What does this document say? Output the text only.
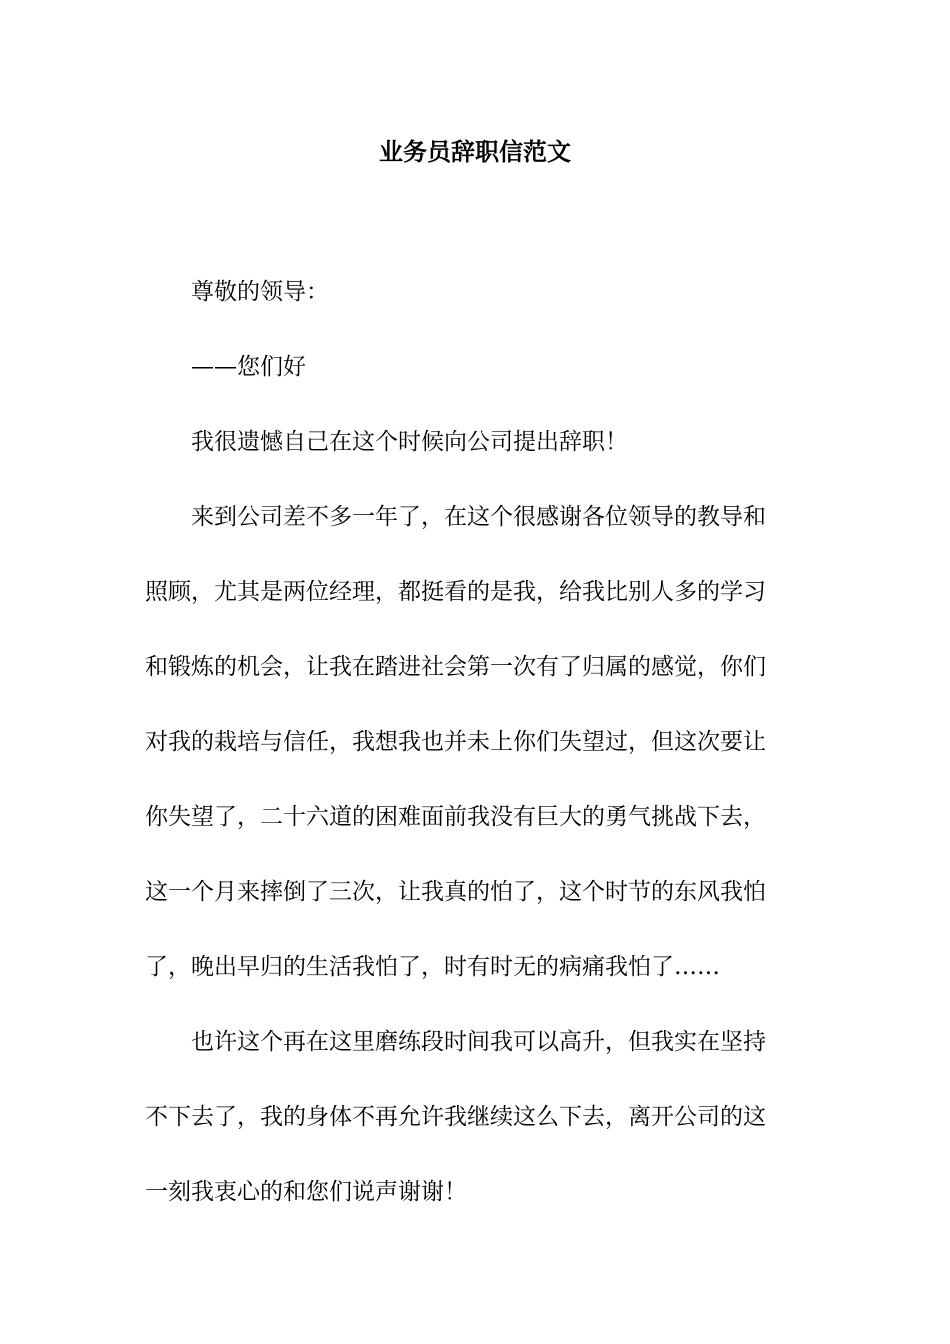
业务员辞职信范文

尊敬的领导：

——您们好

我很遗憾自己在这个时候向公司提出辞职！

来到公司差不多一年了，在这个很感谢各位领导的教导和
照顾，尤其是两位经理，都挺看的是我，给我比别人多的学习
和锻炼的机会，让我在踏进社会第一次有了归属的感觉，你们
对我的栽培与信任，我想我也并未上你们失望过，但这次要让
你失望了，二十六道的困难面前我没有巨大的勇气挑战下去，
这一个月来摔倒了三次，让我真的怕了，这个时节的东风我怕
了，晚出早归的生活我怕了，时有时无的病痛我怕了……

也许这个再在这里磨练段时间我可以高升，但我实在坚持
不下去了，我的身体不再允许我继续这么下去，离开公司的这
一刻我衷心的和您们说声谢谢！
